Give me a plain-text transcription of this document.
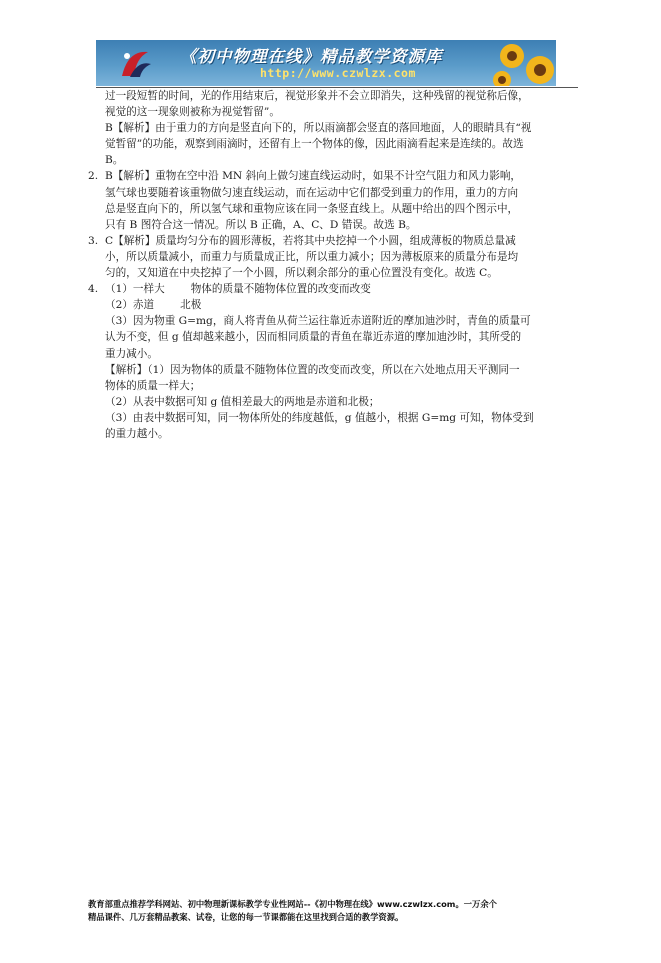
《初中物理在线》精品教学资源库
http://www.czwlzx.com

过一段短暂的时间，光的作用结束后，视觉形象并不会立即消失，这种残留的视觉称后像，
视觉的这一现象则被称为视觉暂留”。

B【解析】由于重力的方向是竖直向下的，所以雨滴都会竖直的落回地面，人的眼睛具有“视
觉暂留”的功能，观察到雨滴时，还留有上一个物体的像，因此雨滴看起来是连续的。故选
B。

2. B【解析】重物在空中沿 MN 斜向上做匀速直线运动时，如果不计空气阻力和风力影响，
氢气球也要随着该重物做匀速直线运动，而在运动中它们都受到重力的作用，重力的方向
总是竖直向下的，所以氢气球和重物应该在同一条竖直线上。从题中给出的四个图示中，
只有 B 图符合这一情况。所以 B 正确，A、C、D 错误。故选 B。
3. C【解析】质量均匀分布的圆形薄板，若将其中央挖掉一个小圆，组成薄板的物质总量减
小，所以质量减小，而重力与质量成正比，所以重力减小；因为薄板原来的质量分布是均
匀的，又知道在中央挖掉了一个小圆，所以剩余部分的重心位置没有变化。故选 C。
4. （1）一样大 物体的质量不随物体位置的改变而改变
（2）赤道 北极
（3）因为物重 G=mg，商人将青鱼从荷兰运往靠近赤道附近的摩加迪沙时，青鱼的质量可
认为不变，但 g 值却越来越小，因而相同质量的青鱼在靠近赤道的摩加迪沙时，其所受的
重力减小。
【解析】（1）因为物体的质量不随物体位置的改变而改变，所以在六处地点用天平测同一
物体的质量一样大；
（2）从表中数据可知 g 值相差最大的两地是赤道和北极；
（3）由表中数据可知，同一物体所处的纬度越低，g 值越小，根据 G=mg 可知，物体受到
的重力越小。

教育部重点推荐学科网站、初中物理新课标教学专业性网站--《初中物理在线》www.czwlzx.com。一万余个

精品课件、几万套精品教案、试卷，让您的每一节课都能在这里找到合适的教学资源。
